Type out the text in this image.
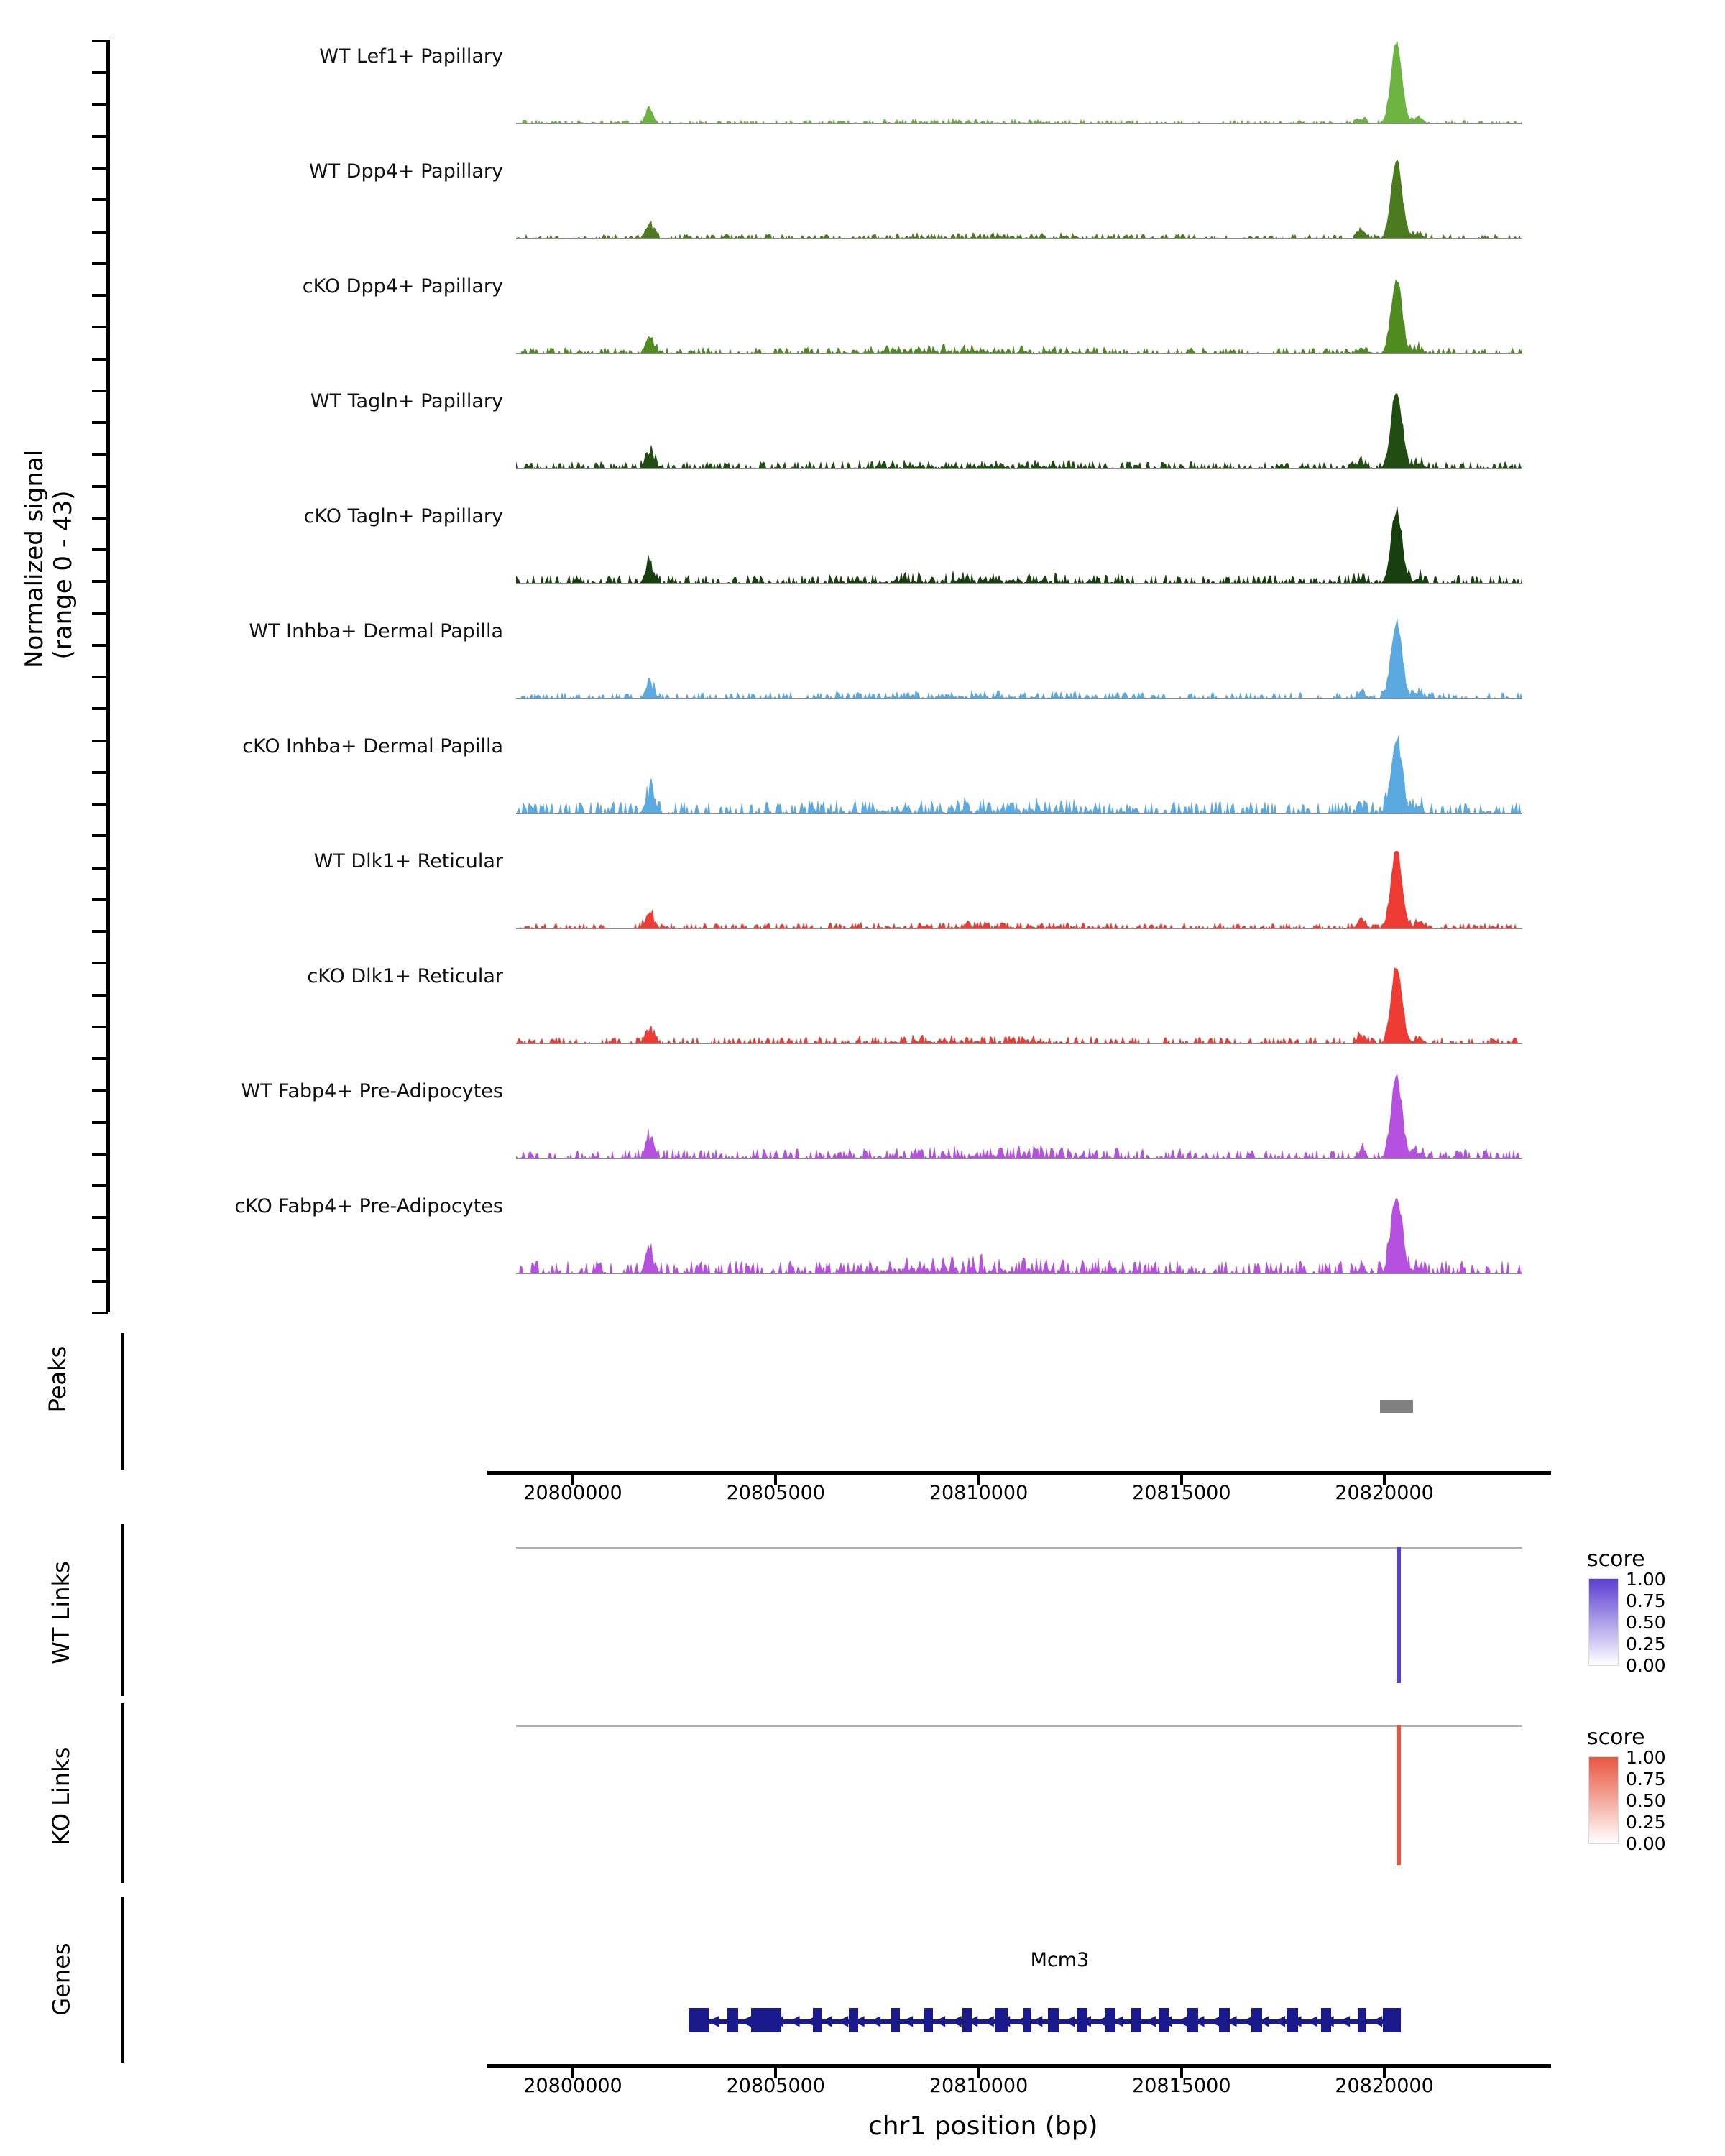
Normalized signal (range 0 - 43)
WT Lef1+ Papillary
WT Dpp4+ Papillary
cKO Dpp4+ Papillary
WT Tagln+ Papillary
cKO Tagln+ Papillary
WT Inhba+ Dermal Papilla
cKO Inhba+ Dermal Papilla
WT Dlk1+ Reticular
cKO Dlk1+ Reticular
WT Fabp4+ Pre-Adipocytes
cKO Fabp4+ Pre-Adipocytes
Peaks
20800000	20805000	20810000	20815000	20820000
WT Links
score
1.00
0.75
0.50
0.25
0.00
KO Links
score
1.00
0.75
0.50
0.25
0.00
Genes	Mcm3
◀ ◀ ◀ ◀ ◀ ◀ ◀ ◀ ◀ ◀ ◀ ◀ ◀ ◀ ◀ ◀ ◀ ◀ ◀ ◀ ◀ ◀ ◀ ◀ ◀ ◀ ◀ ◀ ◀ ◀ ◀ ◀ ◀ ◀ ◀ ◀ ◀ ◀ ◀ ◀ ◀ ◀ ◀ ◀
20800000	20805000	20810000	20815000	20820000
chr1 position (bp)
